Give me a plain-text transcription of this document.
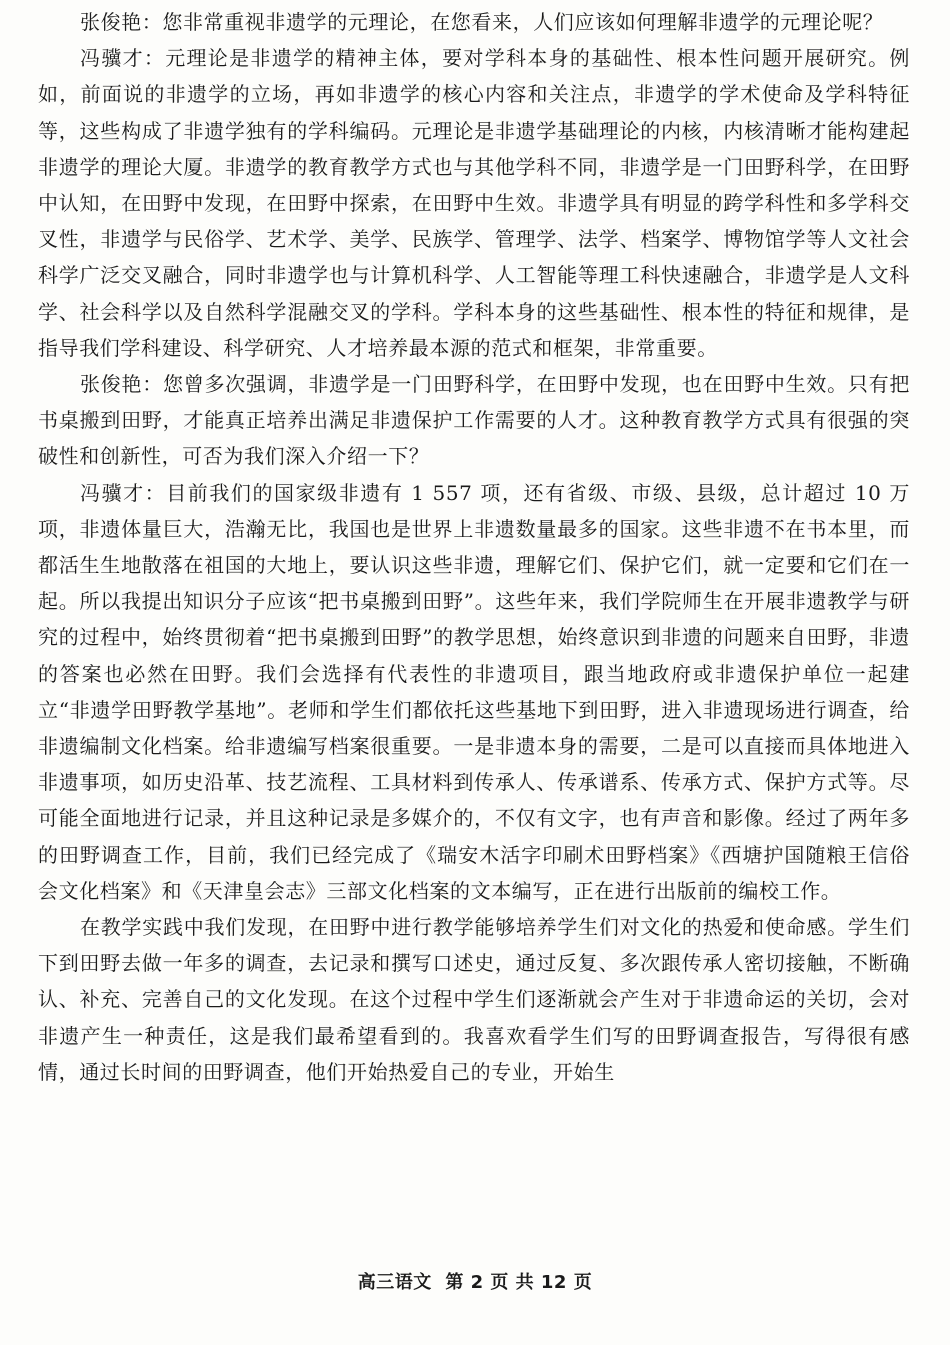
张俊艳：您非常重视非遗学的元理论，在您看来，人们应该如何理解非遗学的元理论呢？

冯骥才：元理论是非遗学的精神主体，要对学科本身的基础性、根本性问题开展研究。例如，前面说的非遗学的立场，再如非遗学的核心内容和关注点，非遗学的学术使命及学科特征等，这些构成了非遗学独有的学科编码。元理论是非遗学基础理论的内核，内核清晰才能构建起非遗学的理论大厦。非遗学的教育教学方式也与其他学科不同，非遗学是一门田野科学，在田野中认知，在田野中发现，在田野中探索，在田野中生效。非遗学具有明显的跨学科性和多学科交叉性，非遗学与民俗学、艺术学、美学、民族学、管理学、法学、档案学、博物馆学等人文社会科学广泛交叉融合，同时非遗学也与计算机科学、人工智能等理工科快速融合，非遗学是人文科学、社会科学以及自然科学混融交叉的学科。学科本身的这些基础性、根本性的特征和规律，是指导我们学科建设、科学研究、人才培养最本源的范式和框架，非常重要。

张俊艳：您曾多次强调，非遗学是一门田野科学，在田野中发现，也在田野中生效。只有把书桌搬到田野，才能真正培养出满足非遗保护工作需要的人才。这种教育教学方式具有很强的突破性和创新性，可否为我们深入介绍一下？

冯骥才：目前我们的国家级非遗有 1 557 项，还有省级、市级、县级，总计超过 10 万项，非遗体量巨大，浩瀚无比，我国也是世界上非遗数量最多的国家。这些非遗不在书本里，而都活生生地散落在祖国的大地上，要认识这些非遗，理解它们、保护它们，就一定要和它们在一起。所以我提出知识分子应该“把书桌搬到田野”。这些年来，我们学院师生在开展非遗教学与研究的过程中，始终贯彻着“把书桌搬到田野”的教学思想，始终意识到非遗的问题来自田野，非遗的答案也必然在田野。我们会选择有代表性的非遗项目，跟当地政府或非遗保护单位一起建立“非遗学田野教学基地”。老师和学生们都依托这些基地下到田野，进入非遗现场进行调查，给非遗编制文化档案。给非遗编写档案很重要。一是非遗本身的需要，二是可以直接而具体地进入非遗事项，如历史沿革、技艺流程、工具材料到传承人、传承谱系、传承方式、保护方式等。尽可能全面地进行记录，并且这种记录是多媒介的，不仅有文字，也有声音和影像。经过了两年多的田野调查工作，目前，我们已经完成了《瑞安木活字印刷术田野档案》《西塘护国随粮王信俗会文化档案》和《天津皇会志》三部文化档案的文本编写，正在进行出版前的编校工作。

在教学实践中我们发现，在田野中进行教学能够培养学生们对文化的热爱和使命感。学生们下到田野去做一年多的调查，去记录和撰写口述史，通过反复、多次跟传承人密切接触，不断确认、补充、完善自己的文化发现。在这个过程中学生们逐渐就会产生对于非遗命运的关切，会对非遗产生一种责任，这是我们最希望看到的。我喜欢看学生们写的田野调查报告，写得很有感情，通过长时间的田野调查，他们开始热爱自己的专业，开始生

高三语文 第 2 页 共 12 页
